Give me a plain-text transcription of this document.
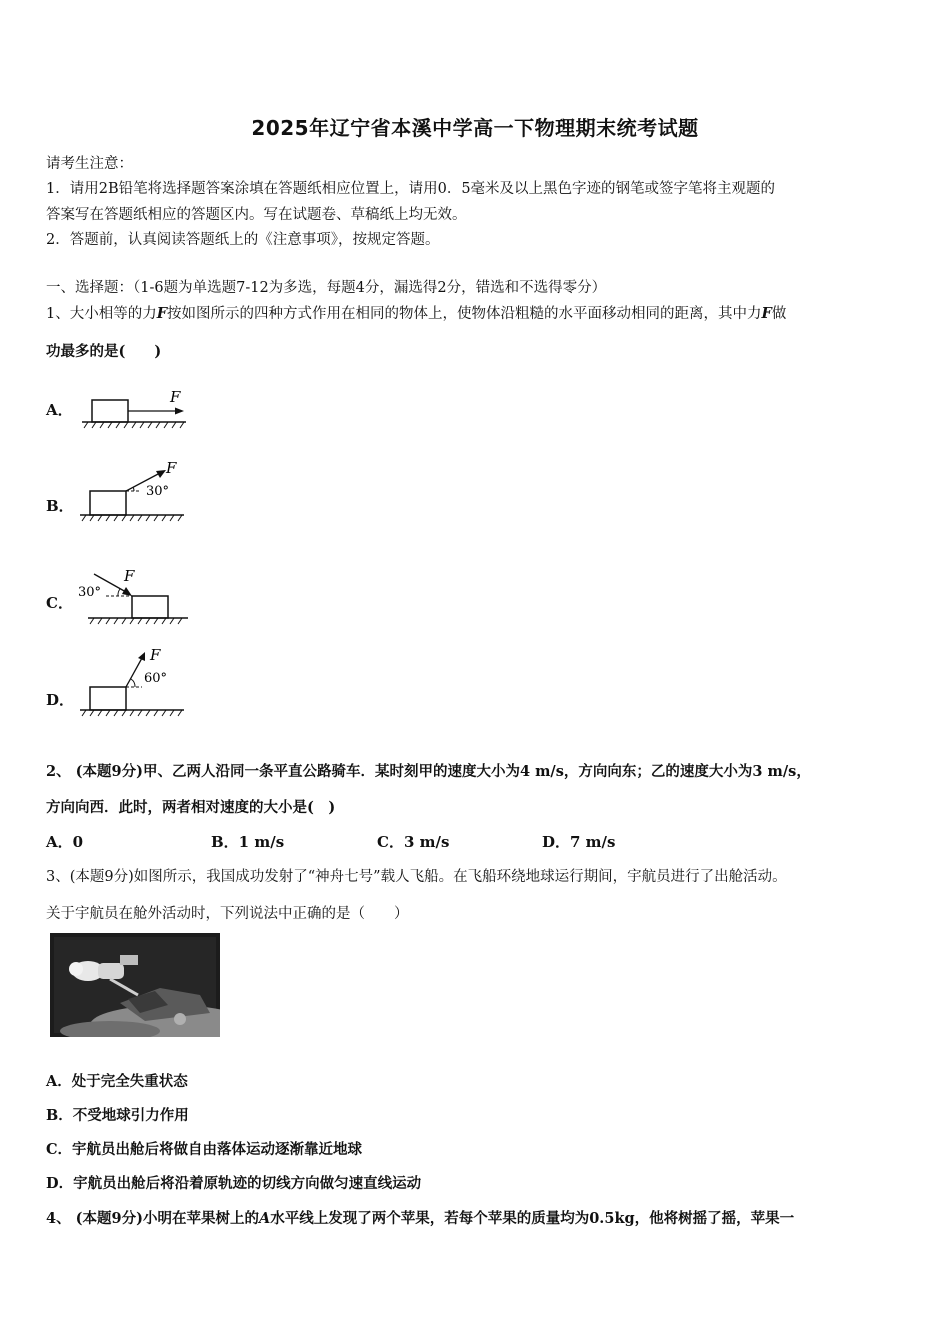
2025年辽宁省本溪中学高一下物理期末统考试题
请考生注意：
1．请用2B铅笔将选择题答案涂填在答题纸相应位置上，请用0．5毫米及以上黑色字迹的钢笔或签字笔将主观题的
答案写在答题纸相应的答题区内。写在试题卷、草稿纸上均无效。
2．答题前，认真阅读答题纸上的《注意事项》，按规定答题。
一、选择题：（1-6题为单选题7-12为多选，每题4分，漏选得2分，错选和不选得零分）
1、大小相等的力F按如图所示的四种方式作用在相同的物体上，使物体沿粗糙的水平面移动相同的距离，其中力F做
功最多的是(　　)
A．
F
B．
F
30°
C．
F
30°
D．
F
60°
2、 (本题9分)甲、乙两人沿同一条平直公路骑车．某时刻甲的速度大小为4 m/s，方向向东；乙的速度大小为3 m/s，
方向向西．此时，两者相对速度的大小是(　)
A．0	B．1 m/s	C．3 m/s	D．7 m/s
3、(本题9分)如图所示，我国成功发射了“神舟七号”载人飞船。在飞船环绕地球运行期间，宇航员进行了出舱活动。
关于宇航员在舱外活动时，下列说法中正确的是（　　）
A．处于完全失重状态
B．不受地球引力作用
C．宇航员出舱后将做自由落体运动逐渐靠近地球
D．宇航员出舱后将沿着原轨迹的切线方向做匀速直线运动
4、 (本题9分)小明在苹果树上的A水平线上发现了两个苹果，若每个苹果的质量均为0.5kg，他将树摇了摇，苹果一
